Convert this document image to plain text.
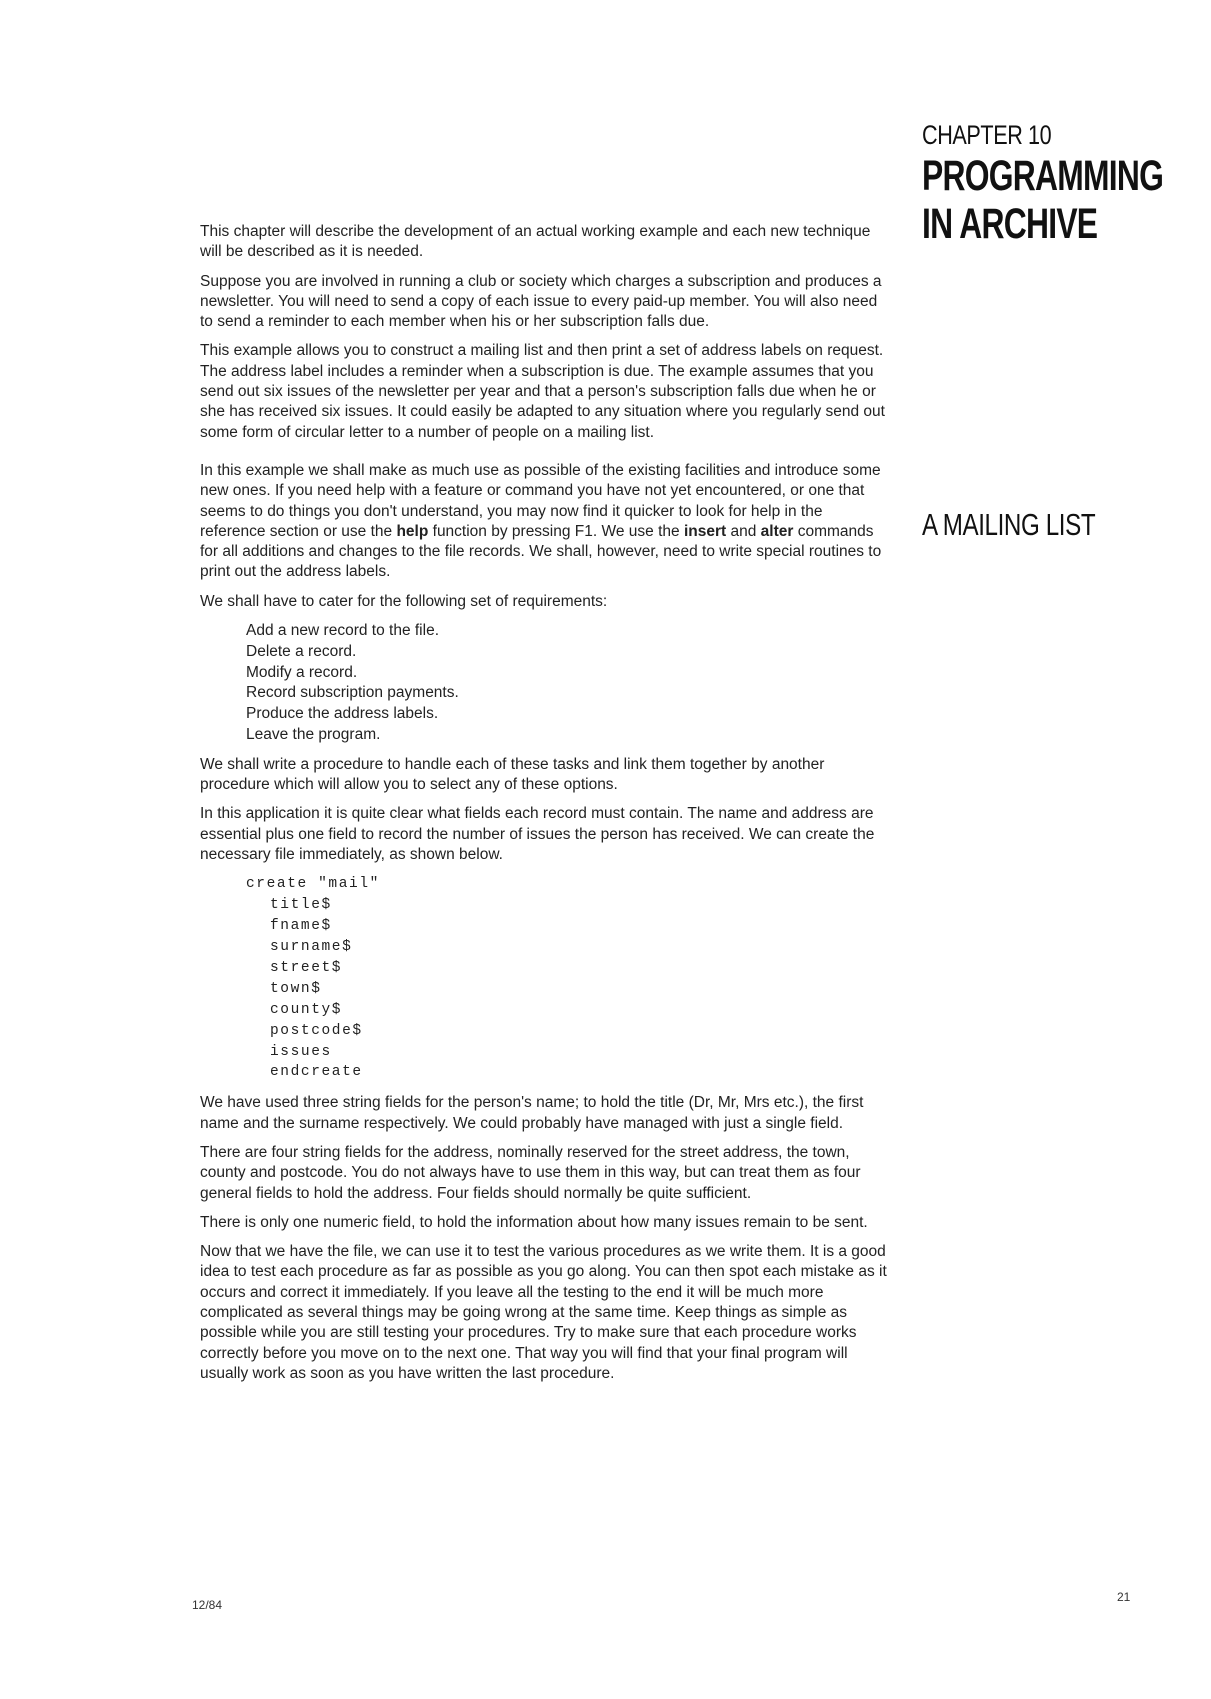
CHAPTER 10
PROGRAMMING
IN ARCHIVE
A MAILING LIST

This chapter will describe the development of an actual working example and each new technique will be described as it is needed.

Suppose you are involved in running a club or society which charges a subscription and produces a newsletter. You will need to send a copy of each issue to every paid-up member. You will also need to send a reminder to each member when his or her subscription falls due.

This example allows you to construct a mailing list and then print a set of address labels on request. The address label includes a reminder when a subscription is due. The example assumes that you send out six issues of the newsletter per year and that a person's subscription falls due when he or she has received six issues. It could easily be adapted to any situation where you regularly send out some form of circular letter to a number of people on a mailing list.

In this example we shall make as much use as possible of the existing facilities and introduce some new ones. If you need help with a feature or command you have not yet encountered, or one that seems to do things you don't understand, you may now find it quicker to look for help in the reference section or use the help function by pressing F1. We use the insert and alter commands for all additions and changes to the file records. We shall, however, need to write special routines to print out the address labels.

We shall have to cater for the following set of requirements:

Add a new record to the file.
Delete a record.
Modify a record.
Record subscription payments.
Produce the address labels.
Leave the program.

We shall write a procedure to handle each of these tasks and link them together by another procedure which will allow you to select any of these options.

In this application it is quite clear what fields each record must contain. The name and address are essential plus one field to record the number of issues the person has received. We can create the necessary file immediately, as shown below.

create "mail"
title$
fname$
surname$
street$
town$
county$
postcode$
issues
endcreate

We have used three string fields for the person's name; to hold the title (Dr, Mr, Mrs etc.), the first name and the surname respectively. We could probably have managed with just a single field.

There are four string fields for the address, nominally reserved for the street address, the town, county and postcode. You do not always have to use them in this way, but can treat them as four general fields to hold the address. Four fields should normally be quite sufficient.

There is only one numeric field, to hold the information about how many issues remain to be sent.

Now that we have the file, we can use it to test the various procedures as we write them. It is a good idea to test each procedure as far as possible as you go along. You can then spot each mistake as it occurs and correct it immediately. If you leave all the testing to the end it will be much more complicated as several things may be going wrong at the same time. Keep things as simple as possible while you are still testing your procedures. Try to make sure that each procedure works correctly before you move on to the next one. That way you will find that your final program will usually work as soon as you have written the last procedure.

12/84
21
